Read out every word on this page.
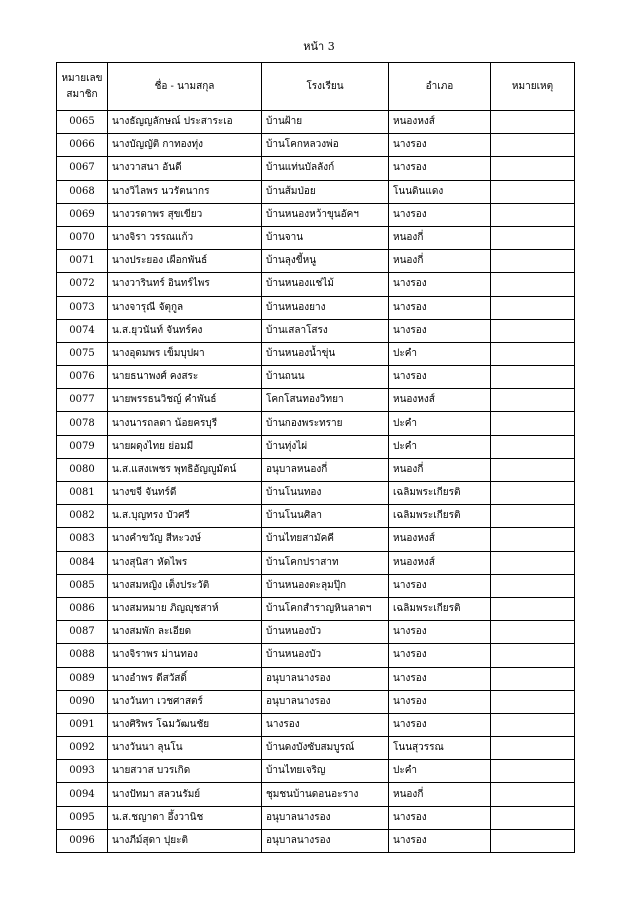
หน้า 3
หมายเลข
สมาชิก	ชื่อ - นามสกุล	โรงเรียน	อำเภอ	หมายเหตุ
0065	นางธัญญลักษณ์ ประสาระเอ	บ้านฝ้าย	หนองหงส์	
0066	นางบัญญัติ กาทองทุ่ง	บ้านโคกหลวงพ่อ	นางรอง	
0067	นางวาสนา อันดี	บ้านแท่นบัลลังก์	นางรอง	
0068	นางวิไลพร นวรัตนากร	บ้านส้มป่อย	โนนดินแดง	
0069	นางวรดาพร สุขเขียว	บ้านหนองหว้าขุนอัคฯ	นางรอง	
0070	นางจิรา วรรณแก้ว	บ้านจาน	หนองกี่	
0071	นางประยอง เผือกพันธ์	บ้านลุงขี้หนู	หนองกี่	
0072	นางวารินทร์ อินทร์ไพร	บ้านหนองแช่ไม้	นางรอง	
0073	นางจารุณี จัตุกูล	บ้านหนองยาง	นางรอง	
0074	น.ส.ยุวนันท์ จันทร์คง	บ้านเสลาโสรง	นางรอง	
0075	นางอุดมพร เข็มบุปผา	บ้านหนองน้ำขุ่น	ปะคำ	
0076	นายธนาพงศ์ คงสระ	บ้านถนน	นางรอง	
0077	นายพรรธนวิชญ์ คำพันธ์	โคกโสนทองวิทยา	หนองหงส์	
0078	นางนารถลดา น้อยครบุรี	บ้านกองพระทราย	ปะคำ	
0079	นายผดุงไทย ย่อมมี	บ้านทุ่งไผ่	ปะคำ	
0080	น.ส.แสงเพชร พุทธิอัญญูมัตน์	อนุบาลหนองกี่	หนองกี่	
0081	นางขจี จันทร์ดี	บ้านโนนทอง	เฉลิมพระเกียรติ	
0082	น.ส.บุญทรง บัวศรี	บ้านโนนศิลา	เฉลิมพระเกียรติ	
0083	นางคำขวัญ สีหะวงษ์	บ้านไทยสามัคคี	หนองหงส์	
0084	นางสุนิสา หัดไพร	บ้านโคกปราสาท	หนองหงส์	
0085	นางสมหญิง เต็งประวัติ	บ้านหนองตะลุมปุ๊ก	นางรอง	
0086	นางสมหมาย ภิญญุชสาห์	บ้านโคกสำราญหินลาดฯ	เฉลิมพระเกียรติ	
0087	นางสมพัก ละเอียด	บ้านหนองบัว	นางรอง	
0088	นางจิราพร ม่านทอง	บ้านหนองบัว	นางรอง	
0089	นางอำพร ดีสวัสดิ์	อนุบาลนางรอง	นางรอง	
0090	นางวันทา เวชศาสตร์	อนุบาลนางรอง	นางรอง	
0091	นางศิริพร โฉมวัฒนชัย	นางรอง	นางรอง	
0092	นางวันนา ลุนโน	บ้านดงบังซับสมบูรณ์	โนนสุวรรณ	
0093	นายสวาส บวรเกิด	บ้านไทยเจริญ	ปะคำ	
0094	นางปัทมา สลวนรัมย์	ชุมชนบ้านดอนอะราง	หนองกี่	
0095	น.ส.ชญาดา อึ้งวานิช	อนุบาลนางรอง	นางรอง	
0096	นางภีม์สุดา ปุยะติ	อนุบาลนางรอง	นางรอง	
